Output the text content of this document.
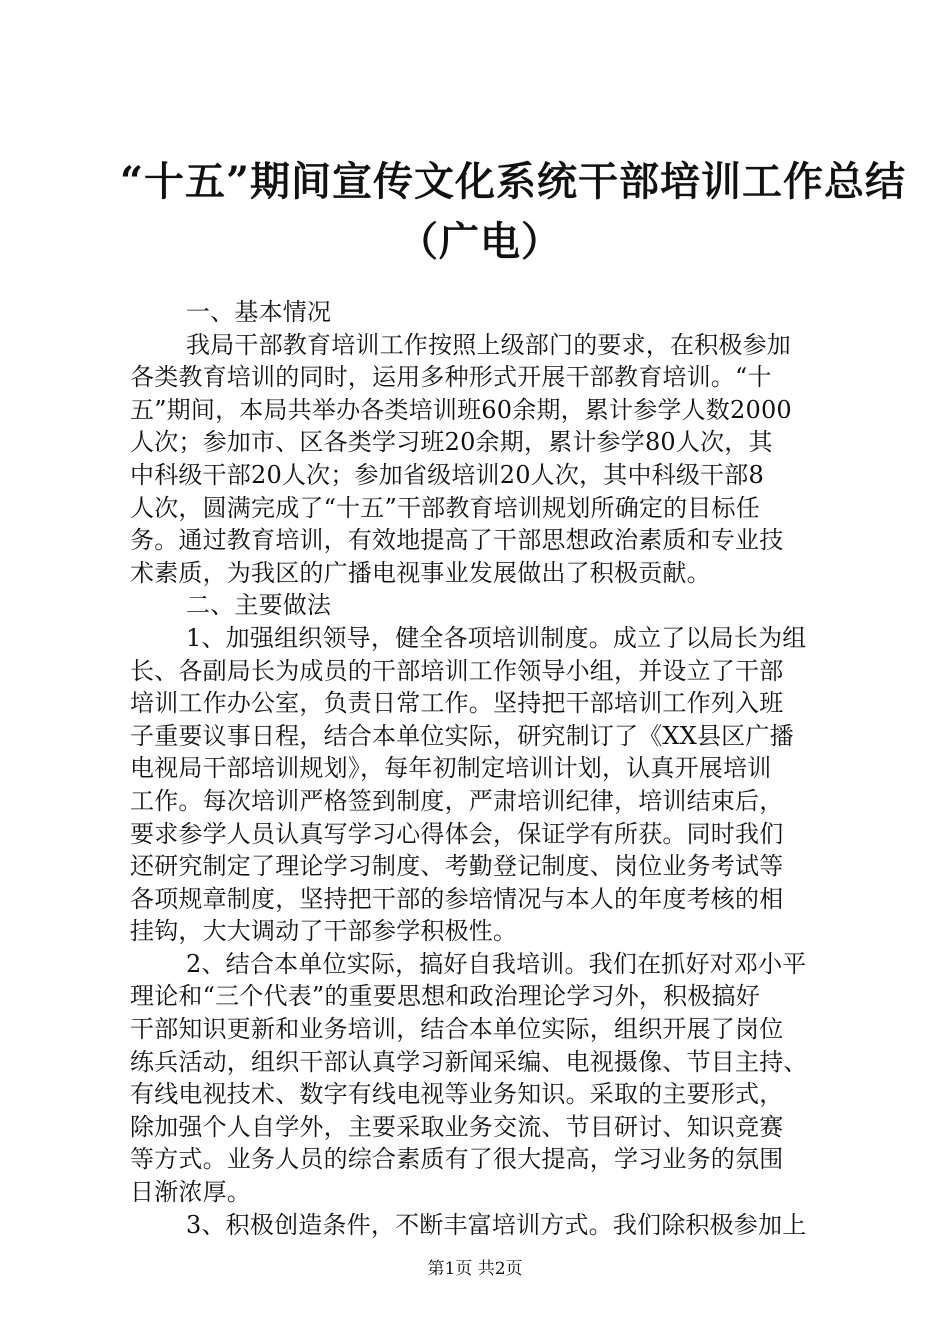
“十五”期间宣传文化系统干部培训工作总结
（广电）
一、基本情况
我局干部教育培训工作按照上级部门的要求，在积极参加
各类教育培训的同时，运用多种形式开展干部教育培训。“十
五”期间，本局共举办各类培训班60余期，累计参学人数2000
人次；参加市、区各类学习班20余期，累计参学80人次，其
中科级干部20人次；参加省级培训20人次，其中科级干部8
人次，圆满完成了“十五”干部教育培训规划所确定的目标任
务。通过教育培训，有效地提高了干部思想政治素质和专业技
术素质，为我区的广播电视事业发展做出了积极贡献。
二、主要做法
1、加强组织领导，健全各项培训制度。成立了以局长为组
长、各副局长为成员的干部培训工作领导小组，并设立了干部
培训工作办公室，负责日常工作。坚持把干部培训工作列入班
子重要议事日程，结合本单位实际，研究制订了《XX县区广播
电视局干部培训规划》，每年初制定培训计划，认真开展培训
工作。每次培训严格签到制度，严肃培训纪律，培训结束后，
要求参学人员认真写学习心得体会，保证学有所获。同时我们
还研究制定了理论学习制度、考勤登记制度、岗位业务考试等
各项规章制度，坚持把干部的参培情况与本人的年度考核的相
挂钩，大大调动了干部参学积极性。
2、结合本单位实际，搞好自我培训。我们在抓好对邓小平
理论和“三个代表”的重要思想和政治理论学习外，积极搞好
干部知识更新和业务培训，结合本单位实际，组织开展了岗位
练兵活动，组织干部认真学习新闻采编、电视摄像、节目主持、
有线电视技术、数字有线电视等业务知识。采取的主要形式，
除加强个人自学外，主要采取业务交流、节目研讨、知识竞赛
等方式。业务人员的综合素质有了很大提高，学习业务的氛围
日渐浓厚。
3、积极创造条件，不断丰富培训方式。我们除积极参加上
第1页 共2页
